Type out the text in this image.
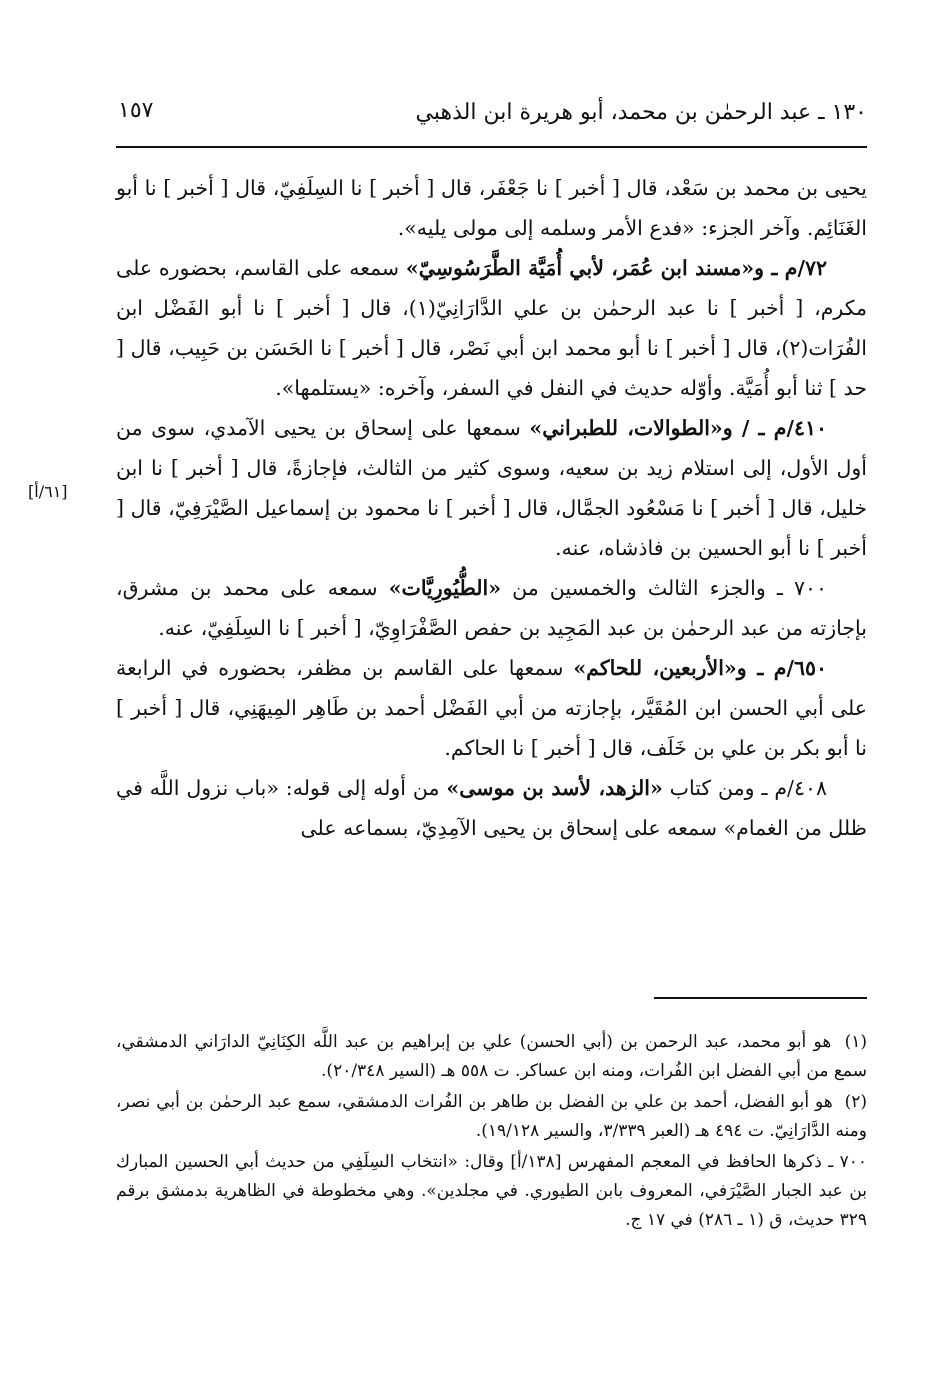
١٣٠ ـ عبد الرحمٰن بن محمد، أبو هريرة ابن الذهبي
١٥٧
[٦١/أ]

يحيى بن محمد بن سَعْد، قال [ أخبر ] نا جَعْفَر، قال [ أخبر ] نا السِلَفِيّ، قال [ أخبر ] نا أبو الغَنَائِم. وآخر الجزء: «فدع الأمر وسلمه إلى مولى يليه».

٧٢/م ـ و«مسند ابن عُمَر، لأبي أُمَيَّة الطَّرَسُوسِيّ» سمعه على القاسم، بحضوره على مكرم، [ أخبر ] نا عبد الرحمٰن بن علي الدَّارَانِيّ(١)، قال [ أخبر ] نا أبو الفَضْل ابن الفُرَات(٢)، قال [ أخبر ] نا أبو محمد ابن أبي نَصْر، قال [ أخبر ] نا الحَسَن بن حَبِيب، قال [ حد ] ثنا أبو أُمَيَّة. وأوّله حديث في النفل في السفر، وآخره: «يستلمها».

٤١٠/م ـ / و«الطوالات، للطبراني» سمعها على إسحاق بن يحيى الآمدي، سوى من أول الأول، إلى استلام زيد بن سعيه، وسوى كثير من الثالث، فإجازةً، قال [ أخبر ] نا ابن خليل، قال [ أخبر ] نا مَسْعُود الجمَّال، قال [ أخبر ] نا محمود بن إسماعيل الصَّيْرَفِيّ، قال [ أخبر ] نا أبو الحسين بن فاذشاه، عنه.

٧٠٠ ـ والجزء الثالث والخمسين من «الطُّيُورِيَّات» سمعه على محمد بن مشرق، بإجازته من عبد الرحمٰن بن عبد المَجِيد بن حفص الصَّفْرَاوِيّ، [ أخبر ] نا السِلَفِيّ، عنه.

٦٥٠/م ـ و«الأربعين، للحاكم» سمعها على القاسم بن مظفر، بحضوره في الرابعة على أبي الحسن ابن المُقَيَّر، بإجازته من أبي الفَضْل أحمد بن طَاهِر المِيهَنِي، قال [ أخبر ] نا أبو بكر بن علي بن خَلَف، قال [ أخبر ] نا الحاكم.

٤٠٨/م ـ ومن كتاب «الزهد، لأسد بن موسى» من أوله إلى قوله: «باب نزول اللَّه في ظلل من الغمام» سمعه على إسحاق بن يحيى الآمِدِيّ، بسماعه على

(١) هو أبو محمد، عبد الرحمن بن (أبي الحسن) علي بن إبراهيم بن عبد اللَّه الكِنَانِيّ الدارَاني الدمشقي، سمع من أبي الفضل ابن الفُرات، ومنه ابن عساكر. ت ٥٥٨ هـ (السير ٢٠/٣٤٨).

(٢) هو أبو الفضل، أحمد بن علي بن الفضل بن طاهر بن الفُرات الدمشقي، سمع عبد الرحمٰن بن أبي نصر، ومنه الدَّارَانِيّ. ت ٤٩٤ هـ (العبر ٣/٣٣٩، والسير ١٩/١٢٨).

٧٠٠ ـ ذكرها الحافظ في المعجم المفهرس [١٣٨/أ] وقال: «انتخاب السِلَفِي من حديث أبي الحسين المبارك بن عبد الجبار الصَّيْرَفي، المعروف بابن الطيوري. في مجلدين». وهي مخطوطة في الظاهرية بدمشق برقم ٣٢٩ حديث، ق (١ ـ ٢٨٦) في ١٧ ج.
